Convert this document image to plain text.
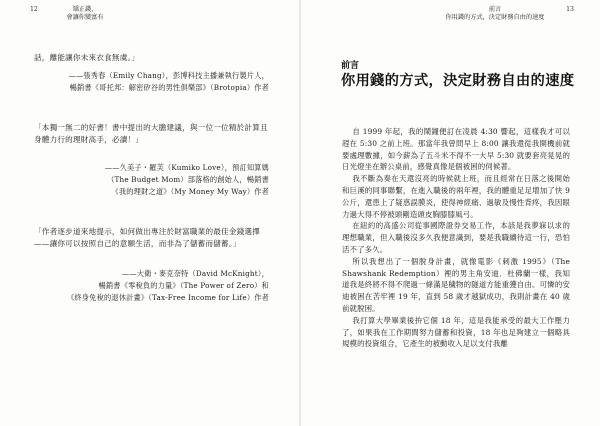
12	矯正錢，
會讓你變富有
話，離能讓你未來衣食無虞。」
——張秀春（Emily Chang），彭博科技主播兼執行製片人，
暢銷書《哥托邦：解密矽谷的男性俱樂部》（Brotopia）作者
「本獨一無二的好書！書中提出的大膽建議，與一位一位精於計算且身體力行的理財高手，必讀！」
——久美子・羅芙（Kumiko Love），預訂知算媽
（The Budget Mom）部落格的創始人，暢銷書
《我的理財之道》（My Money My Way）作者
「作者逐步道來地提示，如何做出專注於財富職業的最佳金錢選擇——讓你可以按照自己的意願生活，而非為了儲蓄而儲蓄。」
——大衛・麥克奈特（David McKnight），
暢銷書《零稅負的力量》（The Power of Zero）和
《終身免稅的退休計畫》（Tax-Free Income for Life）作者
前言
你用錢的方式，決定財務自由的速度
13
前言
你用錢的方式，決定財務自由的速度

自 1999 年起，我的鬧鐘便訂在凌晨 4:30 響起，這樣我才可以趕在 5:30 之前上班。那當年我曾問早上 8:00 讓我還從我開機前就要處理數據，如今薪為了五斗米不得不一大早 5:30 就要套亮晃晃的日光燈坐在辦公桌前，感覺真像是個被困的伺候著。

我不斷為奏在天還沒亮的時候就上班，而且經常在日落之後開始和巨溪的同事聯繫，在進入職後的兩年裡，我的體重足足增加了快 9 公斤，還患上了疑惑誤膜炎，使得神經痛、過敏及慢性背疼，我因眼力過大得不停被頭剛造頭皮胸膝膝風弓。

在紐約的高盛公司從事國際證券交易工作，本該是我夢寐以求的理想職業，但入職後沒多久我便意識到，要是我職續待這一行，恐怕活不了多久。

所以我想出了一個脫身計畫，就像電影《刺激 1995》（The Shawshank Redemption）裡的男主角安迪．杜佛蘭一樣，我知道我是終將不得不爬過一條滿是穢物的隧道方能重獲自由。可憐的安迪被困在苦牢裡 19 年，直到 58 歲才越獄成功，我則計畫在 40 歲前就脫困。

我打算大學畢業後拚它個 18 年，這是我能承受的最大工作壓力了，如果我在工作期間努力儲蓄和投資，18 年也足夠建立一個略具規模的投資組合，它產生的被動收入足以支付我離
